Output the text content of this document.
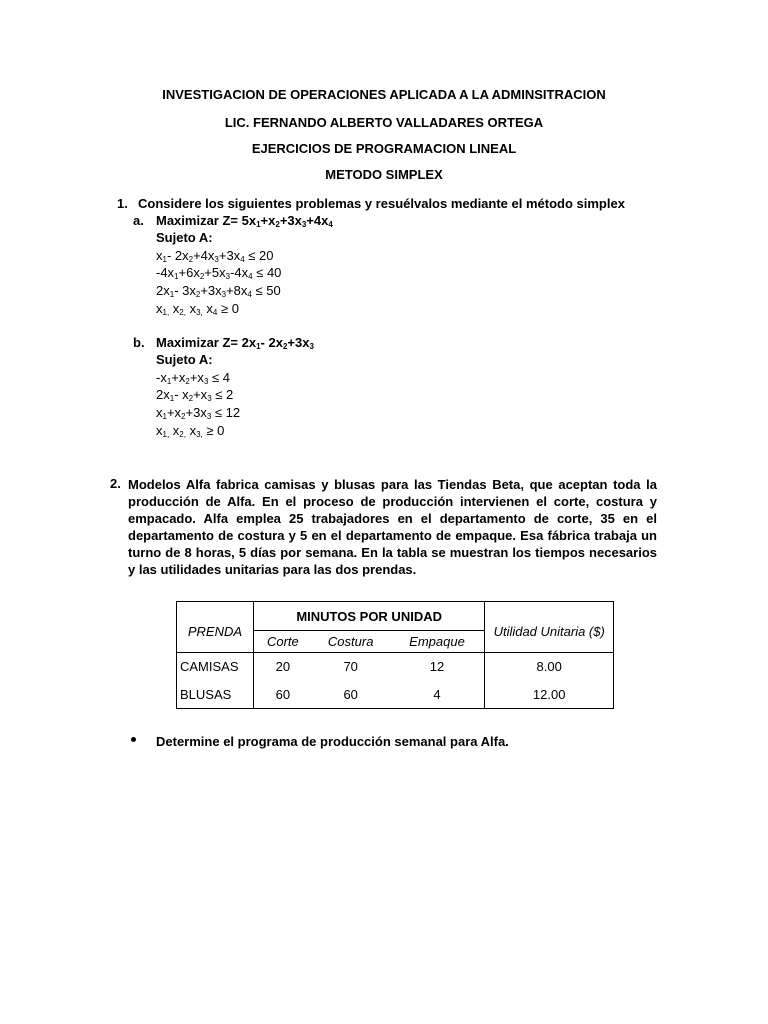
INVESTIGACION DE OPERACIONES APLICADA A LA ADMINSITRACION
LIC. FERNANDO ALBERTO VALLADARES ORTEGA
EJERCICIOS DE PROGRAMACION LINEAL
METODO SIMPLEX
1. Considere los siguientes problemas y resuélvalos mediante el método simplex
a. Maximizar $Z= 5x_1+x_2+3x_3+4x_4$
Sujeto A:
$x_1-$ $2x_2+4x_3+3x_4 \le 20$
$-4x_1+6x_2+5x_3-4x_4 \le 40$
$2x_1-$ $3x_2+3x_3+8x_4 \le 50$
$x_{1,}$ $x_{2,}$ $x_{3,}$ $x_4 \ge 0$
b. Maximizar $Z= 2x_1-$ $2x_2+3x_3$
Sujeto A:
$-x_1+x_2+x_3 \le 4$
$2x_1-$ $x_2+x_3 \le 2$
$x_1+x_2+3x_3 \le 12$
$x_{1,}$ $x_{2,}$ $x_{3,} \ge 0$
2. Modelos Alfa fabrica camisas y blusas para las Tiendas Beta, que aceptan toda la producción de Alfa. En el proceso de producción intervienen el corte, costura y empacado. Alfa emplea 25 trabajadores en el departamento de corte, 35 en el departamento de costura y 5 en el departamento de empaque. Esa fábrica trabaja un turno de 8 horas, 5 días por semana. En la tabla se muestran los tiempos necesarios y las utilidades unitarias para las dos prendas.
PRENDA	MINUTOS POR UNIDAD			Utilidad Unitaria ($)
	Corte	Costura	Empaque	
CAMISAS	20	70	12	8.00
BLUSAS	60	60	4	12.00
Determine el programa de producción semanal para Alfa.
